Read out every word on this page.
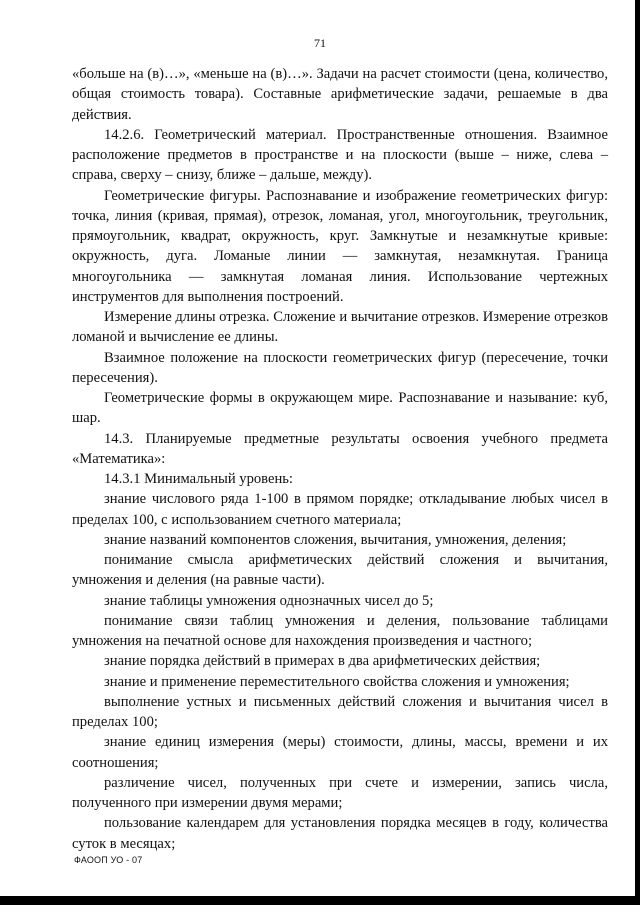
71

«больше на (в)…», «меньше на (в)…». Задачи на расчет стоимости (цена, количество, общая стоимость товара). Составные арифметические задачи, решаемые в два действия.

14.2.6. Геометрический материал. Пространственные отношения. Взаимное расположение предметов в пространстве и на плоскости (выше – ниже, слева – справа, сверху – снизу, ближе – дальше, между).

Геометрические фигуры. Распознавание и изображение геометрических фигур: точка, линия (кривая, прямая), отрезок, ломаная, угол, многоугольник, треугольник, прямоугольник, квадрат, окружность, круг. Замкнутые и незамкнутые кривые: окружность, дуга. Ломаные линии — замкнутая, незамкнутая. Граница многоугольника — замкнутая ломаная линия. Использование чертежных инструментов для выполнения построений.

Измерение длины отрезка. Сложение и вычитание отрезков. Измерение отрезков ломаной и вычисление ее длины.

Взаимное положение на плоскости геометрических фигур (пересечение, точки пересечения).

Геометрические формы в окружающем мире. Распознавание и называние: куб, шар.

14.3. Планируемые предметные результаты освоения учебного предмета «Математика»:

14.3.1 Минимальный уровень:

знание числового ряда 1-100 в прямом порядке; откладывание любых чисел в пределах 100, с использованием счетного материала;

знание названий компонентов сложения, вычитания, умножения, деления;

понимание смысла арифметических действий сложения и вычитания, умножения и деления (на равные части).

знание таблицы умножения однозначных чисел до 5;

понимание связи таблиц умножения и деления, пользование таблицами умножения на печатной основе для нахождения произведения и частного;

знание порядка действий в примерах в два арифметических действия;

знание и применение переместительного свойства сложения и умножения;

выполнение устных и письменных действий сложения и вычитания чисел в пределах 100;

знание единиц измерения (меры) стоимости, длины, массы, времени и их соотношения;

различение чисел, полученных при счете и измерении, запись числа, полученного при измерении двумя мерами;

пользование календарем для установления порядка месяцев в году, количества суток в месяцах;

ФАООП УО - 07
